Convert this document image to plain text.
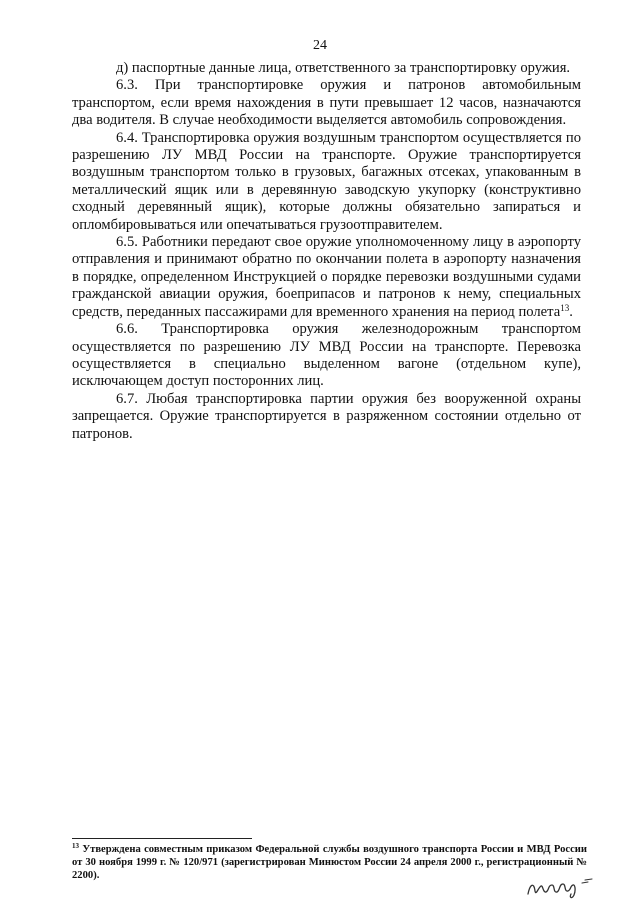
24

д) паспортные данные лица, ответственного за транспортировку оружия.

6.3. При транспортировке оружия и патронов автомобильным транспортом, если время нахождения в пути превышает 12 часов, назначаются два водителя. В случае необходимости выделяется автомобиль сопровождения.

6.4. Транспортировка оружия воздушным транспортом осуществляется по разрешению ЛУ МВД России на транспорте. Оружие транспортируется воздушным транспортом только в грузовых, багажных отсеках, упакованным в металлический ящик или в деревянную заводскую укупорку (конструктивно сходный деревянный ящик), которые должны обязательно запираться и опломбировываться или опечатываться грузоотправителем.

6.5. Работники передают свое оружие уполномоченному лицу в аэропорту отправления и принимают обратно по окончании полета в аэропорту назначения в порядке, определенном Инструкцией о порядке перевозки воздушными судами гражданской авиации оружия, боеприпасов и патронов к нему, специальных средств, переданных пассажирами для временного хранения на период полета$^{13}$.

6.6. Транспортировка оружия железнодорожным транспортом осуществляется по разрешению ЛУ МВД России на транспорте. Перевозка осуществляется в специально выделенном вагоне (отдельном купе), исключающем доступ посторонних лиц.

6.7. Любая транспортировка партии оружия без вооруженной охраны запрещается. Оружие транспортируется в разряженном состоянии отдельно от патронов.

$^{13}$ Утверждена совместным приказом Федеральной службы воздушного транспорта России и МВД России от 30 ноября 1999 г. № 120/971 (зарегистрирован Минюстом России 24 апреля 2000 г., регистрационный № 2200).
